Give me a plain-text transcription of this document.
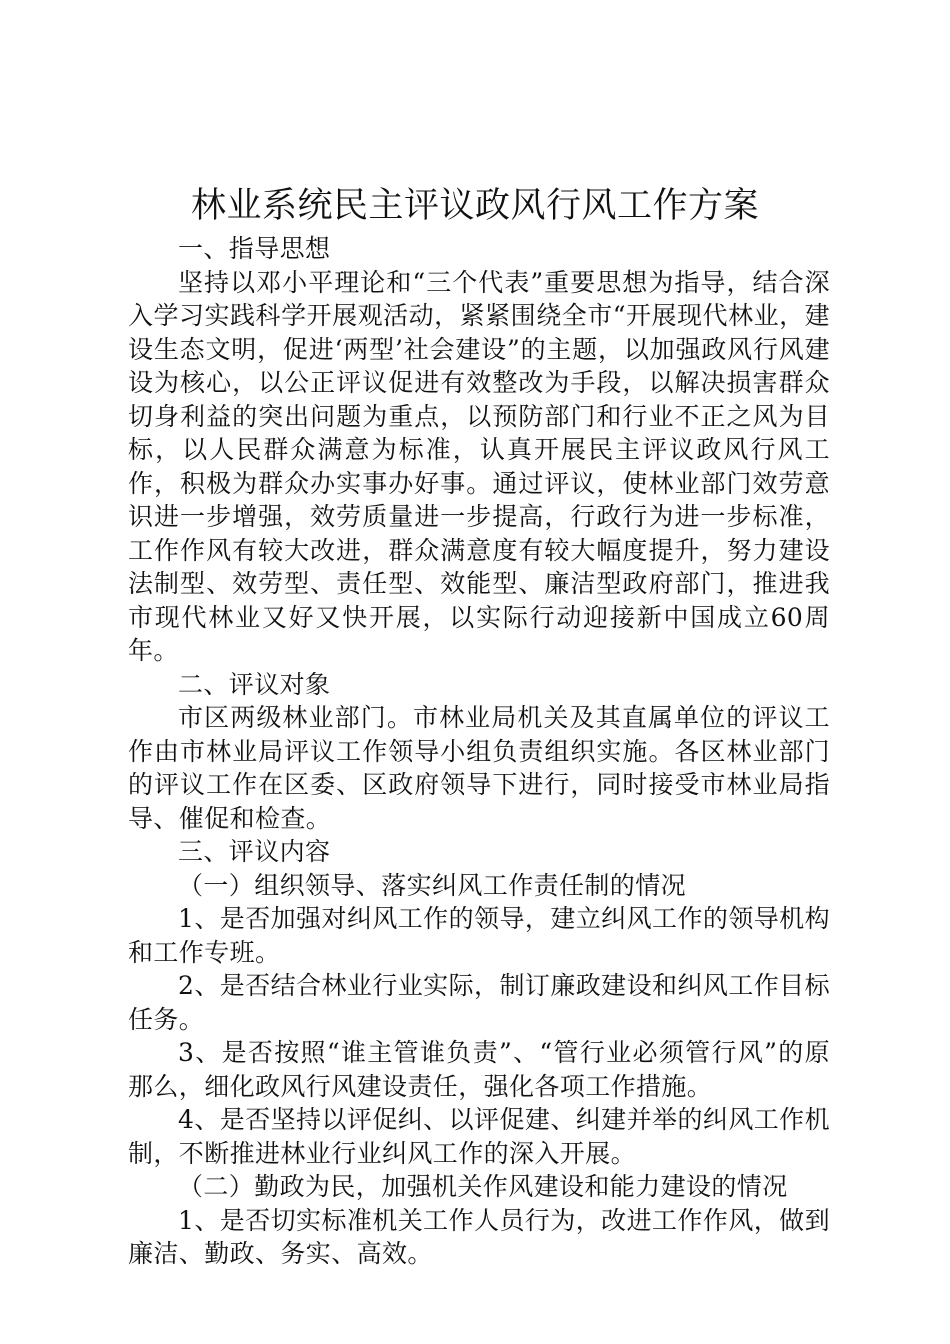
林业系统民主评议政风行风工作方案

一、指导思想

坚持以邓小平理论和“三个代表”重要思想为指导，结合深入学习实践科学开展观活动，紧紧围绕全市“开展现代林业，建设生态文明，促进‘两型’社会建设”的主题，以加强政风行风建设为核心，以公正评议促进有效整改为手段，以解决损害群众切身利益的突出问题为重点，以预防部门和行业不正之风为目标，以人民群众满意为标准，认真开展民主评议政风行风工作，积极为群众办实事办好事。通过评议，使林业部门效劳意识进一步增强，效劳质量进一步提高，行政行为进一步标准，工作作风有较大改进，群众满意度有较大幅度提升，努力建设法制型、效劳型、责任型、效能型、廉洁型政府部门，推进我市现代林业又好又快开展，以实际行动迎接新中国成立60周年。

二、评议对象

市区两级林业部门。市林业局机关及其直属单位的评议工作由市林业局评议工作领导小组负责组织实施。各区林业部门的评议工作在区委、区政府领导下进行，同时接受市林业局指导、催促和检查。

三、评议内容

（一）组织领导、落实纠风工作责任制的情况

1、是否加强对纠风工作的领导，建立纠风工作的领导机构和工作专班。

2、是否结合林业行业实际，制订廉政建设和纠风工作目标任务。

3、是否按照“谁主管谁负责”、“管行业必须管行风”的原那么，细化政风行风建设责任，强化各项工作措施。

4、是否坚持以评促纠、以评促建、纠建并举的纠风工作机制，不断推进林业行业纠风工作的深入开展。

（二）勤政为民，加强机关作风建设和能力建设的情况

1、是否切实标准机关工作人员行为，改进工作作风，做到廉洁、勤政、务实、高效。
